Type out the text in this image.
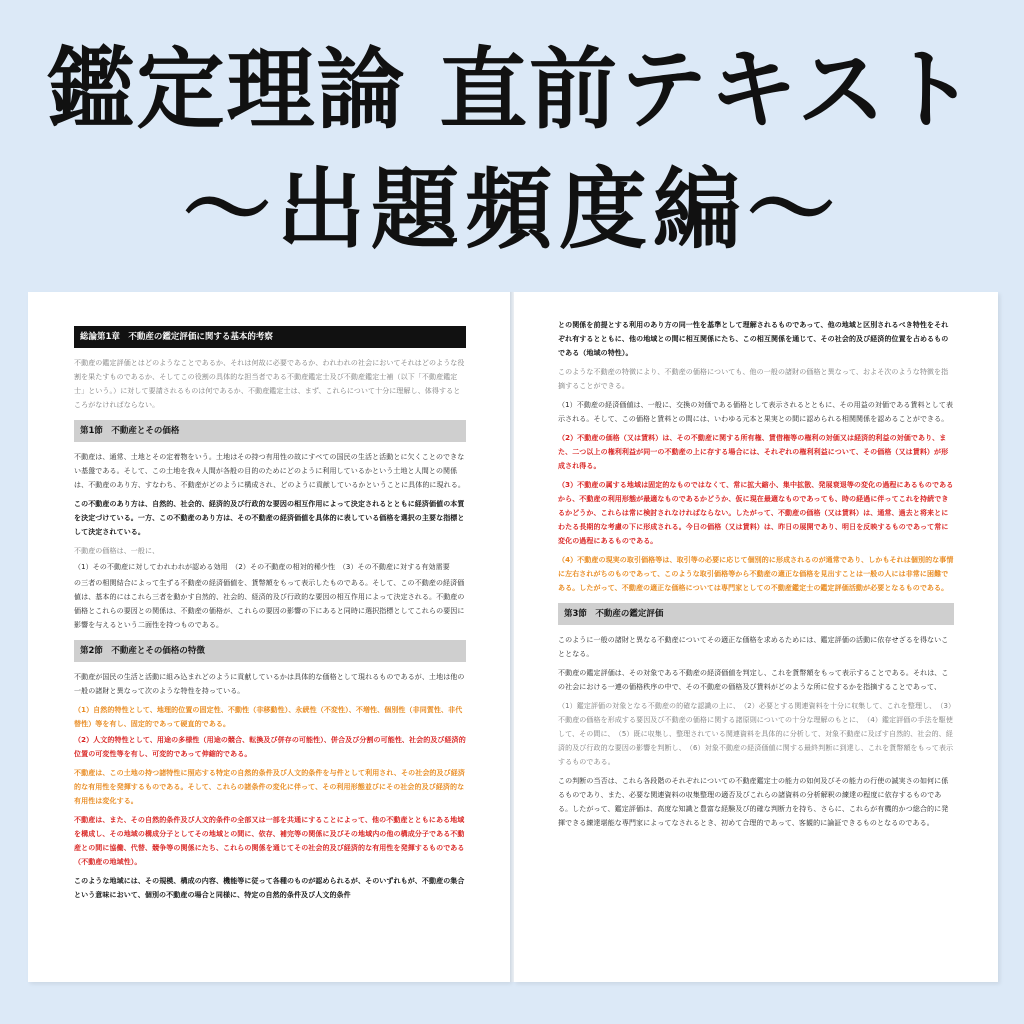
鑑定理論 直前テキスト
〜出題頻度編〜
総論第1章　不動産の鑑定評価に関する基本的考察
不動産の鑑定評価とはどのようなことであるか、それは何故に必要であるか、われわれの社会においてそれはどのような役割を果たすものであるか、そしてこの役割の具体的な担当者である不動産鑑定士及び不動産鑑定士補（以下「不動産鑑定士」という。）に対して要請されるものは何であるか、不動産鑑定士は、まず、これらについて十分に理解し、体得するところがなければならない。
第1節　不動産とその価格
不動産は、通常、土地とその定着物をいう。土地はその持つ有用性の故にすべての国民の生活と活動とに欠くことのできない基盤である。そして、この土地を我々人間が各般の目的のためにどのように利用しているかという土地と人間との関係は、不動産のあり方、すなわち、不動産がどのように構成され、どのように貢献しているかということに具体的に現れる。
この不動産のあり方は、自然的、社会的、経済的及び行政的な要因の相互作用によって決定されるとともに経済価値の本質を決定づけている。一方、この不動産のあり方は、その不動産の経済価値を具体的に表している価格を選択の主要な指標として決定されている。
不動産の価格は、一般に、
（1）その不動産に対してわれわれが認める効用　（2）その不動産の相対的稀少性　（3）その不動産に対する有効需要
の三者の相関結合によって生ずる不動産の経済価値を、貨幣額をもって表示したものである。そして、この不動産の経済価値は、基本的にはこれら三者を動かす自然的、社会的、経済的及び行政的な要因の相互作用によって決定される。不動産の価格とこれらの要因との関係は、不動産の価格が、これらの要因の影響の下にあると同時に選択指標としてこれらの要因に影響を与えるという二面性を持つものである。
第2節　不動産とその価格の特徴
不動産が国民の生活と活動に組み込まれどのように貢献しているかは具体的な価格として現れるものであるが、土地は他の一般の諸財と異なって次のような特性を持っている。
（1）自然的特性として、地理的位置の固定性、不動性（非移動性）、永続性（不変性）、不増性、個別性（非同質性、非代替性）等を有し、固定的であって硬直的である。
（2）人文的特性として、用途の多様性（用途の競合、転換及び併存の可能性）、併合及び分割の可能性、社会的及び経済的位置の可変性等を有し、可変的であって伸縮的である。
不動産は、この土地の持つ諸特性に照応する特定の自然的条件及び人文的条件を与件として利用され、その社会的及び経済的な有用性を発揮するものである。そして、これらの諸条件の変化に伴って、その利用形態並びにその社会的及び経済的な有用性は変化する。
不動産は、また、その自然的条件及び人文的条件の全部又は一部を共通にすることによって、他の不動産とともにある地域を構成し、その地域の構成分子としてその地域との間に、依存、補完等の関係に及びその地域内の他の構成分子である不動産との間に協働、代替、競争等の関係にたち、これらの関係を通じてその社会的及び経済的な有用性を発揮するものである（不動産の地域性）。
このような地域には、その規模、構成の内容、機能等に従って各種のものが認められるが、そのいずれもが、不動産の集合という意味において、個別の不動産の場合と同様に、特定の自然的条件及び人文的条件
との関係を前提とする利用のあり方の同一性を基準として理解されるものであって、他の地域と区別されるべき特性をそれぞれ有するとともに、他の地域との間に相互関係にたち、この相互関係を通じて、その社会的及び経済的位置を占めるものである（地域の特性）。
このような不動産の特徴により、不動産の価格についても、他の一般の諸財の価格と異なって、およそ次のような特徴を指摘することができる。
（1）不動産の経済価値は、一般に、交換の対価である価格として表示されるとともに、その用益の対価である賃料として表示される。そして、この価格と賃料との間には、いわゆる元本と果実との間に認められる相関関係を認めることができる。
（2）不動産の価格（又は賃料）は、その不動産に関する所有権、賃借権等の権利の対価又は経済的利益の対価であり、また、二つ以上の権利利益が同一の不動産の上に存する場合には、それぞれの権利利益について、その価格（又は賃料）が形成され得る。
（3）不動産の属する地域は固定的なものではなくて、常に拡大縮小、集中拡散、発展衰退等の変化の過程にあるものであるから、不動産の利用形態が最適なものであるかどうか、仮に現在最適なものであっても、時の経過に伴ってこれを持続できるかどうか、これらは常に検討されなければならない。したがって、不動産の価格（又は賃料）は、通常、過去と将来とにわたる長期的な考慮の下に形成される。今日の価格（又は賃料）は、昨日の展開であり、明日を反映するものであって常に変化の過程にあるものである。
（4）不動産の現実の取引価格等は、取引等の必要に応じて個別的に形成されるのが通常であり、しかもそれは個別的な事情に左右されがちのものであって、このような取引価格等から不動産の適正な価格を見出すことは一般の人には非常に困難である。したがって、不動産の適正な価格については専門家としての不動産鑑定士の鑑定評価活動が必要となるものである。
第3節　不動産の鑑定評価
このように一般の諸財と異なる不動産についてその適正な価格を求めるためには、鑑定評価の活動に依存せざるを得ないこととなる。
不動産の鑑定評価は、その対象である不動産の経済価値を判定し、これを貨幣額をもって表示することである。それは、この社会における一連の価格秩序の中で、その不動産の価格及び賃料がどのような所に位するかを指摘することであって、
（1）鑑定評価の対象となる不動産の的確な認識の上に、　（2）必要とする関連資料を十分に収集して、これを整理し、　（3）不動産の価格を形成する要因及び不動産の価格に関する諸原則についての十分な理解のもとに、　（4）鑑定評価の手法を駆使して、その間に、　（5）既に収集し、整理されている関連資料を具体的に分析して、対象不動産に及ぼす自然的、社会的、経済的及び行政的な要因の影響を判断し、　（6）対象不動産の経済価値に関する最終判断に到達し、これを貨幣額をもって表示するものである。
この判断の当否は、これら各段階のそれぞれについての不動産鑑定士の能力の如何及びその能力の行使の誠実さの如何に係るものであり、また、必要な関連資料の収集整理の適否及びこれらの諸資料の分析解釈の練達の程度に依存するものである。したがって、鑑定評価は、高度な知識と豊富な経験及び的確な判断力を持ち、さらに、これらが有機的かつ総合的に発揮できる練達堪能な専門家によってなされるとき、初めて合理的であって、客観的に論証できるものとなるのである。
